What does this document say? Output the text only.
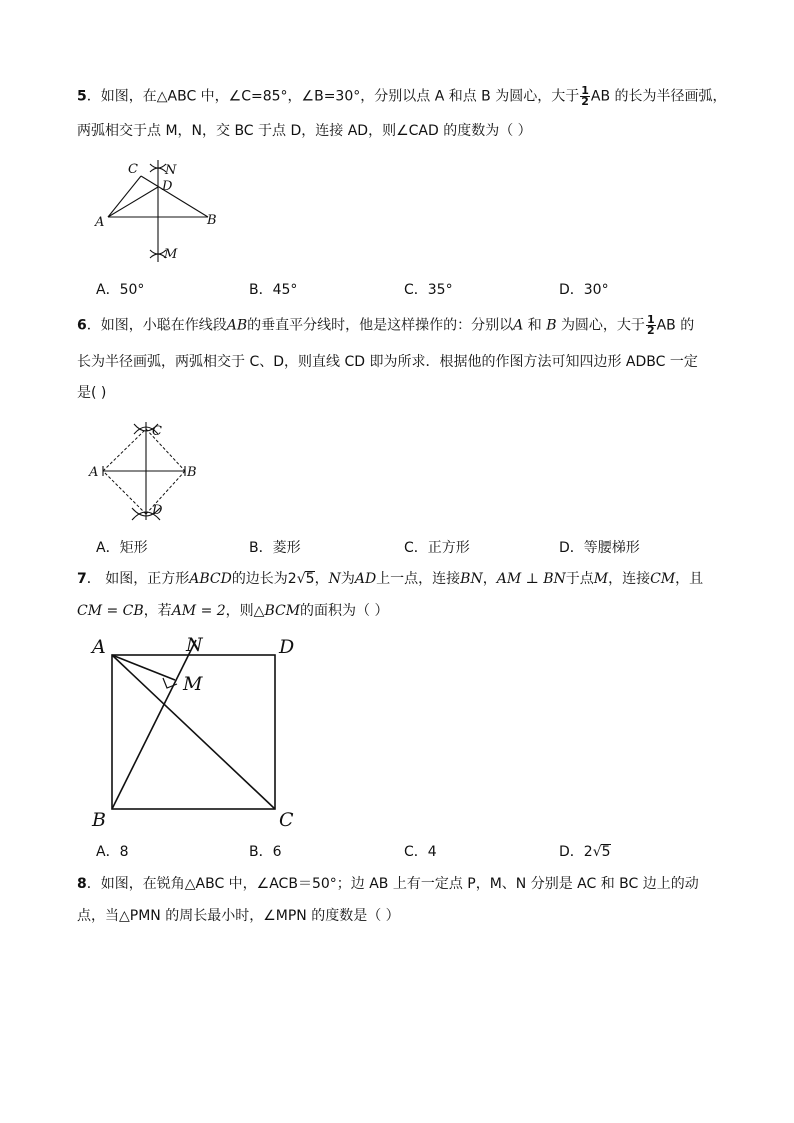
5．如图，在△ABC 中，∠C=85°，∠B=30°，分别以点 A 和点 B 为圆心，大于 $\frac{1}{2}$ AB 的长为半径画弧，
两弧相交于点 M，N，交 BC 于点 D，连接 AD，则∠CAD 的度数为（ ）
C N
D
A	B
M
A．50°	B．45°	C．35°	D．30°
6．如图，小聪在作线段AB的垂直平分线时，他是这样操作的：分别以A 和 B 为圆心，大于 $\frac{1}{2}$ AB 的
长为半径画弧，两弧相交于 C、D，则直线 CD 即为所求．根据他的作图方法可知四边形 ADBC 一定
是( )
C
A	B
D
A．矩形	B．菱形	C．正方形	D．等腰梯形
7． 如图，正方形ABCD的边长为2√5，N为AD上一点，连接BN，AM ⊥ BN于点M，连接CM，且
CM = CB，若AM = 2，则△BCM的面积为（ ）
A	N	D
M
B	C
A．8	B．6	C．4	D．2√5
8．如图，在锐角△ABC 中，∠ACB＝50°；边 AB 上有一定点 P，M、N 分别是 AC 和 BC 边上的动
点，当△PMN 的周长最小时，∠MPN 的度数是（ ）
